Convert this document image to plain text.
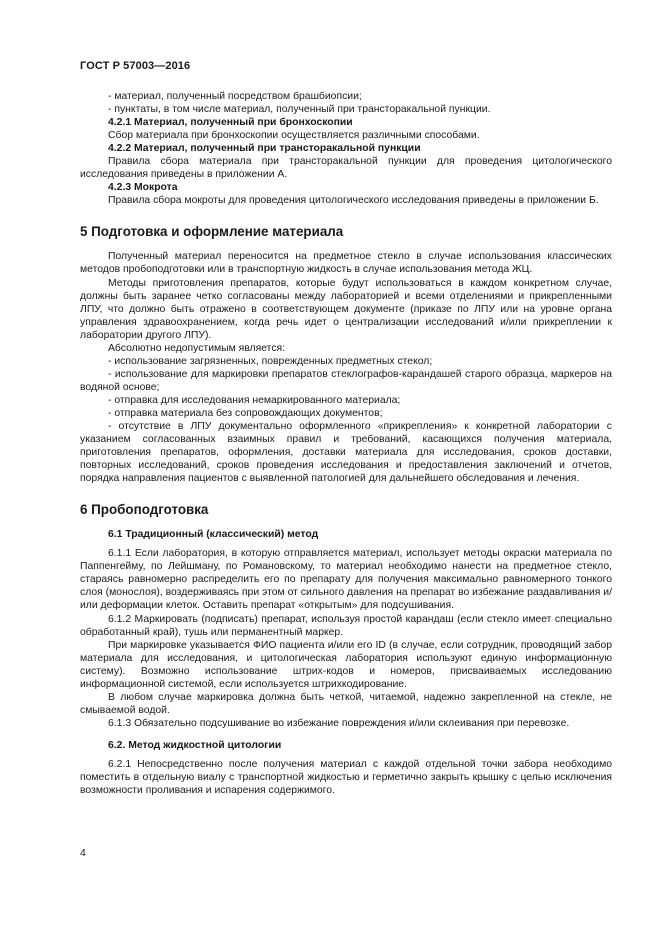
ГОСТ Р 57003—2016

- материал, полученный посредством брашбиопсии;

- пунктаты, в том числе материал, полученный при трансторакальной пункции.

4.2.1 Материал, полученный при бронхоскопии

Сбор материала при бронхоскопии осуществляется различными способами.

4.2.2 Материал, полученный при трансторакальной пункции

Правила сбора материала при трансторакальной пункции для проведения цитологического исследования приведены в приложении А.

4.2.3 Мокрота

Правила сбора мокроты для проведения цитологического исследования приведены в приложении Б.

5 Подготовка и оформление материала

Полученный материал переносится на предметное стекло в случае использования классических методов пробоподготовки или в транспортную жидкость в случае использования метода ЖЦ.

Методы приготовления препаратов, которые будут использоваться в каждом конкретном случае, должны быть заранее четко согласованы между лабораторией и всеми отделениями и прикрепленными ЛПУ, что должно быть отражено в соответствующем документе (приказе по ЛПУ или на уровне органа управления здравоохранением, когда речь идет о централизации исследований и/или прикреплении к лаборатории другого ЛПУ).

Абсолютно недопустимым является:

- использование загрязненных, поврежденных предметных стекол;

- использование для маркировки препаратов стеклографов-карандашей старого образца, маркеров на водяной основе;

- отправка для исследования немаркированного материала;

- отправка материала без сопровождающих документов;

- отсутствие в ЛПУ документально оформленного «прикрепления» к конкретной лаборатории с указанием согласованных взаимных правил и требований, касающихся получения материала, приготовления препаратов, оформления, доставки материала для исследования, сроков доставки, повторных исследований, сроков проведения исследования и предоставления заключений и отчетов, порядка направления пациентов с выявленной патологией для дальнейшего обследования и лечения.

6 Пробоподготовка
6.1 Традиционный (классический) метод

6.1.1 Если лаборатория, в которую отправляется материал, использует методы окраски материала по Паппенгейму, по Лейшману, по Романовскому, то материал необходимо нанести на предметное стекло, стараясь равномерно распределить его по препарату для получения максимально равномерного тонкого слоя (монослоя), воздерживаясь при этом от сильного давления на препарат во избежание раздавливания и/или деформации клеток. Оставить препарат «открытым» для подсушивания.

6.1.2 Маркировать (подписать) препарат, используя простой карандаш (если стекло имеет специально обработанный край), тушь или перманентный маркер.

При маркировке указывается ФИО пациента и/или его ID (в случае, если сотрудник, проводящий забор материала для исследования, и цитологическая лаборатория используют единую информационную систему). Возможно использование штрих-кодов и номеров, присваиваемых исследованию информационной системой, если используется штрихкодирование.

В любом случае маркировка должна быть четкой, читаемой, надежно закрепленной на стекле, не смываемой водой.

6.1.3 Обязательно подсушивание во избежание повреждения и/или склеивания при перевозке.

6.2. Метод жидкостной цитологии

6.2.1 Непосредственно после получения материал с каждой отдельной точки забора необходимо поместить в отдельную виалу с транспортной жидкостью и герметично закрыть крышку с целью исключения возможности проливания и испарения содержимого.

4
